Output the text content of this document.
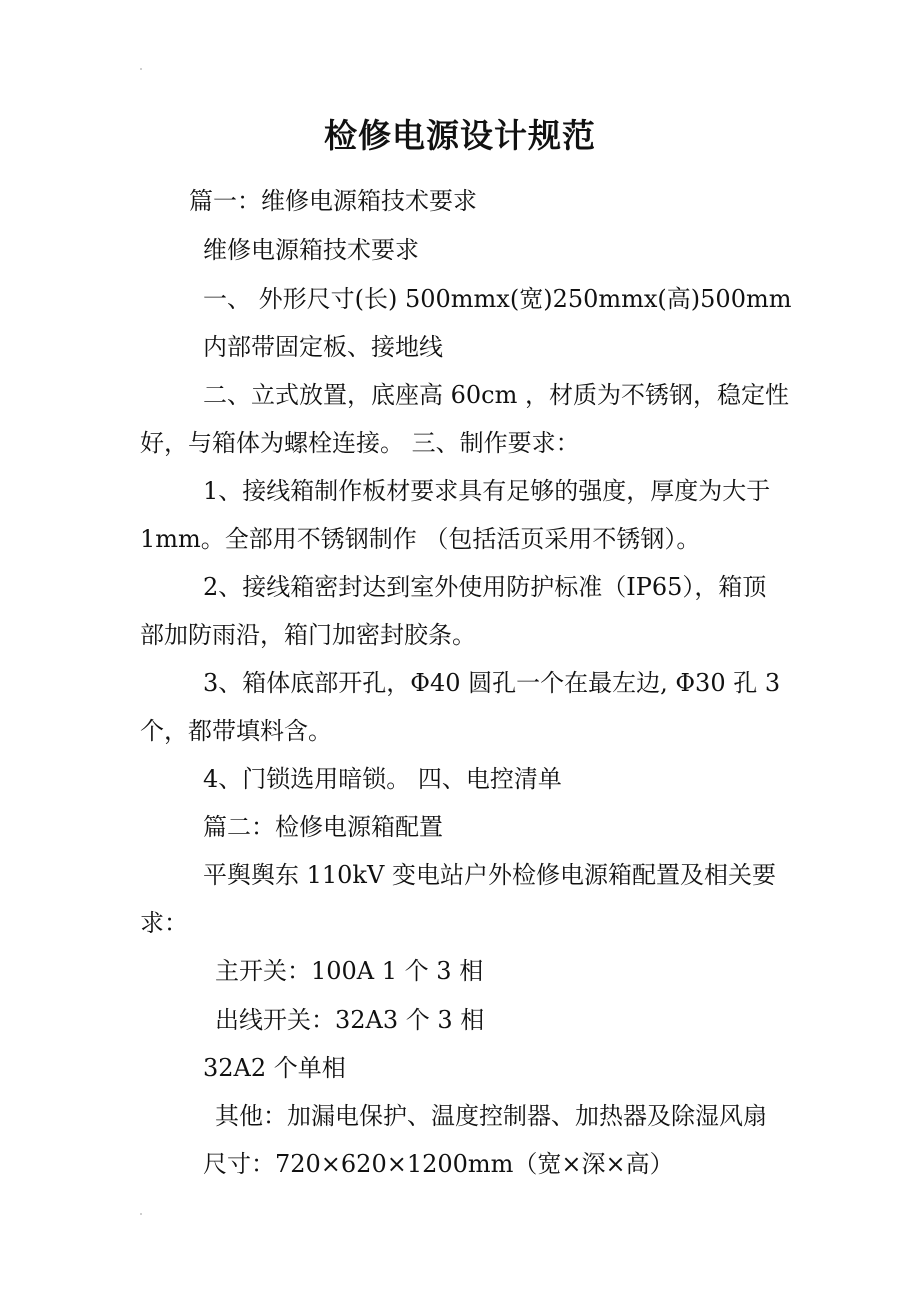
检修电源设计规范
篇一：维修电源箱技术要求
维修电源箱技术要求
一、 外形尺寸(长) 500mmⅹ(宽)250mmⅹ(高)500mm
内部带固定板、接地线
二、立式放置，底座高 60cm ，材质为不锈钢，稳定性
好，与箱体为螺栓连接。 三、制作要求：
1、接线箱制作板材要求具有足够的强度，厚度为大于
1mm。全部用不锈钢制作 （包括活页采用不锈钢）。
2、接线箱密封达到室外使用防护标准（IP65），箱顶
部加防雨沿，箱门加密封胶条。
3、箱体底部开孔，Φ40 圆孔一个在最左边, Φ30 孔 3
个，都带填料含。
4、门锁选用暗锁。 四、电控清单
篇二：检修电源箱配置
平舆舆东 110kV 变电站户外检修电源箱配置及相关要
求：
主开关：100A 1 个 3 相
出线开关：32A3 个 3 相
32A2 个单相
其他：加漏电保护、温度控制器、加热器及除湿风扇
尺寸：720×620×1200mm（宽×深×高）
